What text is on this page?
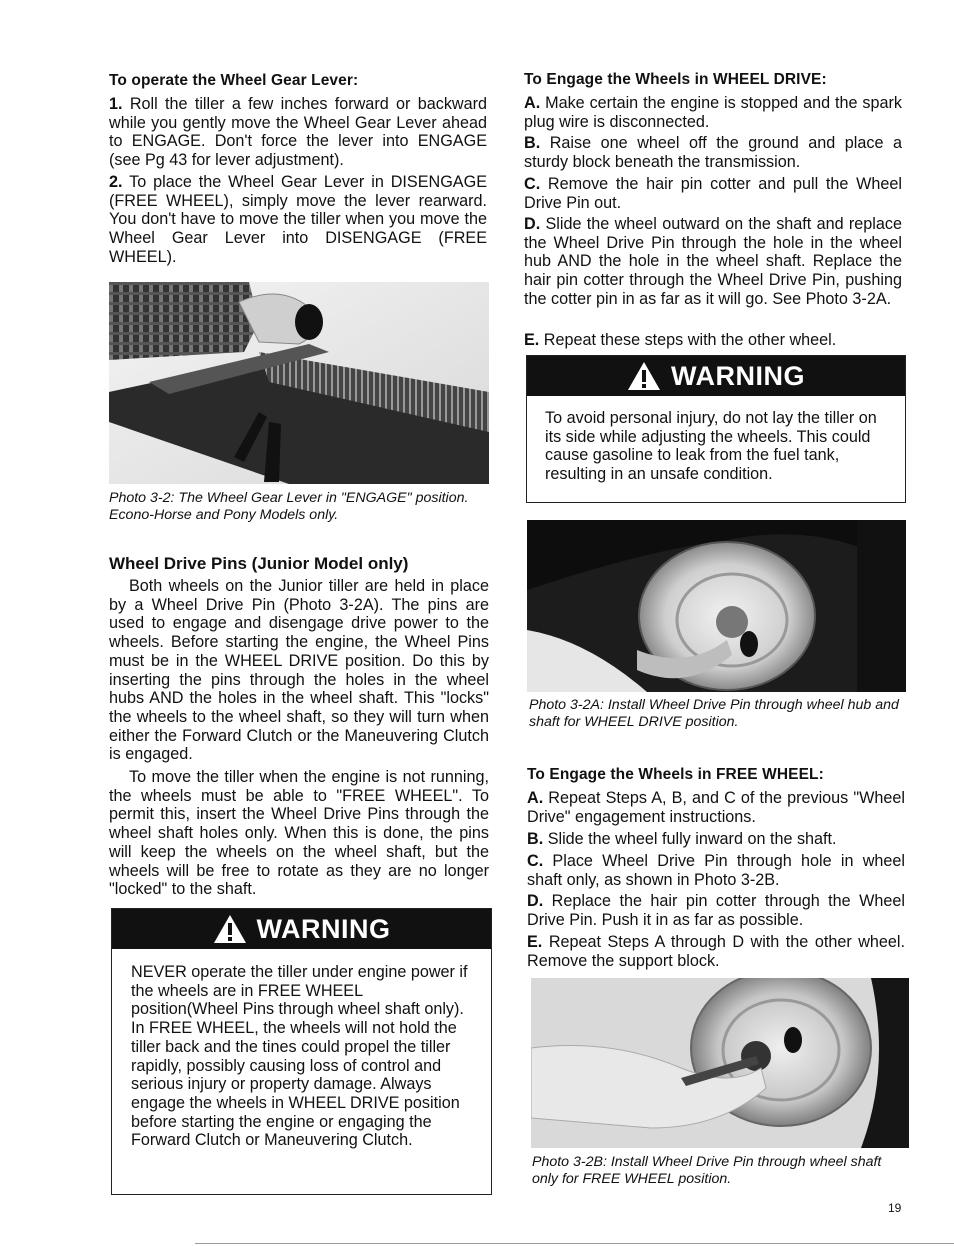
To operate the Wheel Gear Lever:

1. Roll the tiller a few inches forward or backward while you gently move the Wheel Gear Lever ahead to ENGAGE. Don't force the lever into ENGAGE (see Pg 43 for lever adjustment).

2. To place the Wheel Gear Lever in DISENGAGE (FREE WHEEL), simply move the lever rearward. You don't have to move the tiller when you move the Wheel Gear Lever into DISENGAGE (FREE WHEEL).

Photo 3-2: The Wheel Gear Lever in "ENGAGE" position. Econo-Horse and Pony Models only.

Wheel Drive Pins (Junior Model only)

Both wheels on the Junior tiller are held in place by a Wheel Drive Pin (Photo 3-2A). The pins are used to engage and disengage drive power to the wheels. Before starting the engine, the Wheel Pins must be in the WHEEL DRIVE position. Do this by inserting the pins through the holes in the wheel hubs AND the holes in the wheel shaft. This "locks" the wheels to the wheel shaft, so they will turn when either the Forward Clutch or the Maneuvering Clutch is engaged.

To move the tiller when the engine is not running, the wheels must be able to "FREE WHEEL". To permit this, insert the Wheel Drive Pins through the wheel shaft holes only. When this is done, the pins will keep the wheels on the wheel shaft, but the wheels will be free to rotate as they are no longer "locked" to the shaft.

WARNING

NEVER operate the tiller under engine power if the wheels are in FREE WHEEL position(Wheel Pins through wheel shaft only). In FREE WHEEL, the wheels will not hold the tiller back and the tines could propel the tiller rapidly, possibly causing loss of control and serious injury or property damage. Always engage the wheels in WHEEL DRIVE position before starting the engine or engaging the Forward Clutch or Maneuvering Clutch.

To Engage the Wheels in WHEEL DRIVE:

A. Make certain the engine is stopped and the spark plug wire is disconnected.

B. Raise one wheel off the ground and place a sturdy block beneath the transmission.

C. Remove the hair pin cotter and pull the Wheel Drive Pin out.

D. Slide the wheel outward on the shaft and replace the Wheel Drive Pin through the hole in the wheel hub AND the hole in the wheel shaft. Replace the hair pin cotter through the Wheel Drive Pin, pushing the cotter pin in as far as it will go. See Photo 3-2A.

E. Repeat these steps with the other wheel.

WARNING

To avoid personal injury, do not lay the tiller on its side while adjusting the wheels. This could cause gasoline to leak from the fuel tank, resulting in an unsafe condition.

Photo 3-2A: Install Wheel Drive Pin through wheel hub and shaft for WHEEL DRIVE position.

To Engage the Wheels in FREE WHEEL:

A. Repeat Steps A, B, and C of the previous "Wheel Drive" engagement instructions.

B. Slide the wheel fully inward on the shaft.

C. Place Wheel Drive Pin through hole in wheel shaft only, as shown in Photo 3-2B.

D. Replace the hair pin cotter through the Wheel Drive Pin. Push it in as far as possible.

E. Repeat Steps A through D with the other wheel. Remove the support block.

Photo 3-2B: Install Wheel Drive Pin through wheel shaft only for FREE WHEEL position.

19
